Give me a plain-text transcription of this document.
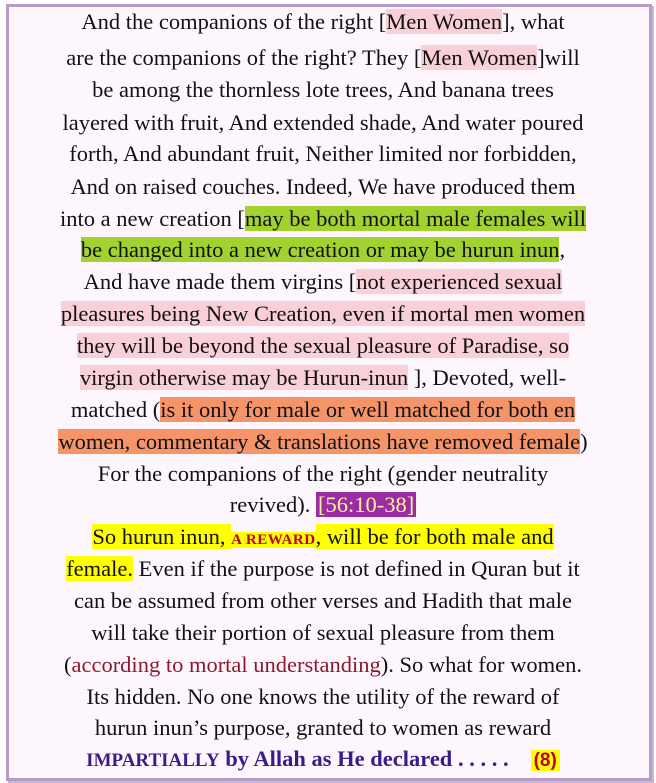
And the companions of the right [Men Women], what
are the companions of the right? They [Men Women]will
be among the thornless lote trees, And banana trees
layered with fruit, And extended shade, And water poured
forth, And abundant fruit, Neither limited nor forbidden,
And on raised couches. Indeed, We have produced them
into a new creation [may be both mortal male females will
be changed into a new creation or may be hurun inun,
And have made them virgins [not experienced sexual
pleasures being New Creation, even if mortal men women
they will be beyond the sexual pleasure of Paradise, so
virgin otherwise may be Hurun-inun ], Devoted, well-
matched (is it only for male or well matched for both en
women, commentary & translations have removed female)
For the companions of the right (gender neutrality
revived). [56:10-38]
So hurun inun, A REWARD, will be for both male and
female. Even if the purpose is not defined in Quran but it
can be assumed from other verses and Hadith that male
will take their portion of sexual pleasure from them
(according to mortal understanding). So what for women.
Its hidden. No one knows the utility of the reward of
hurun inun’s purpose, granted to women as reward
IMPARTIALLY by Allah as He declared . . . . . (8)
